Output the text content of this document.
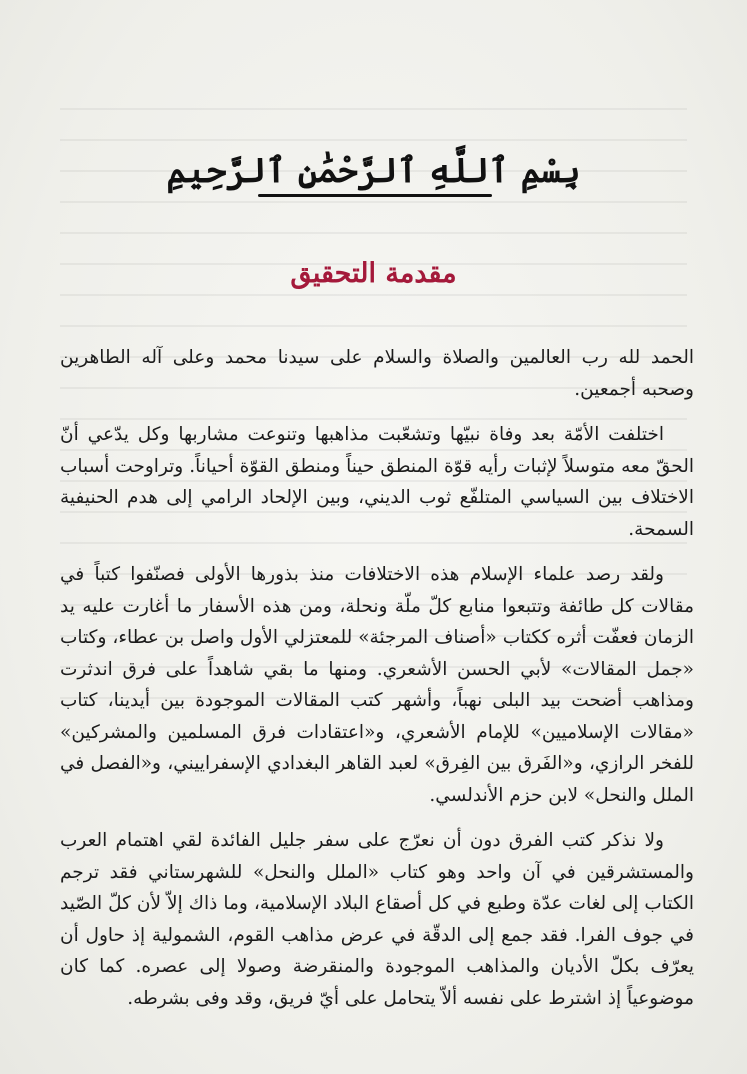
بِسْمِ ٱللَّهِ ٱلرَّحْمَٰنِ ٱلرَّحِيمِ
مقدمة التحقيق

الحمد لله رب العالمين والصلاة والسلام على سيدنا محمد وعلى آله الطاهرين وصحبه أجمعين.

اختلفت الأمّة بعد وفاة نبيّها وتشعّبت مذاهبها وتنوعت مشاربها وكل يدّعي أنّ الحقّ معه متوسلاً لإثبات رأيه قوّة المنطق حيناً ومنطق القوّة أحياناً. وتراوحت أسباب الاختلاف بين السياسي المتلفّع ثوب الديني، وبين الإلحاد الرامي إلى هدم الحنيفية السمحة.

ولقد رصد علماء الإسلام هذه الاختلافات منذ بذورها الأولى فصنّفوا كتباً في مقالات كل طائفة وتتبعوا منابع كلّ ملّة ونحلة، ومن هذه الأسفار ما أغارت عليه يد الزمان فعفّت أثره ككتاب «أصناف المرجئة» للمعتزلي الأول واصل بن عطاء، وكتاب «جمل المقالات» لأبي الحسن الأشعري. ومنها ما بقي شاهداً على فرق اندثرت ومذاهب أضحت بيد البلى نهباً، وأشهر كتب المقالات الموجودة بين أيدينا، كتاب «مقالات الإسلاميين» للإمام الأشعري، و«اعتقادات فرق المسلمين والمشركين» للفخر الرازي، و«الفَرق بين الفِرق» لعبد القاهر البغدادي الإسفراييني، و«الفصل في الملل والنحل» لابن حزم الأندلسي.

ولا نذكر كتب الفرق دون أن نعرّج على سفر جليل الفائدة لقي اهتمام العرب والمستشرقين في آن واحد وهو كتاب «الملل والنحل» للشهرستاني فقد ترجم الكتاب إلى لغات عدّة وطبع في كل أصقاع البلاد الإسلامية، وما ذاك إلاّ لأن كلّ الصّيد في جوف الفرا. فقد جمع إلى الدقّة في عرض مذاهب القوم، الشمولية إذ حاول أن يعرّف بكلّ الأديان والمذاهب الموجودة والمنقرضة وصولا إلى عصره. كما كان موضوعياً إذ اشترط على نفسه ألاّ يتحامل على أيّ فريق، وقد وفى بشرطه.
